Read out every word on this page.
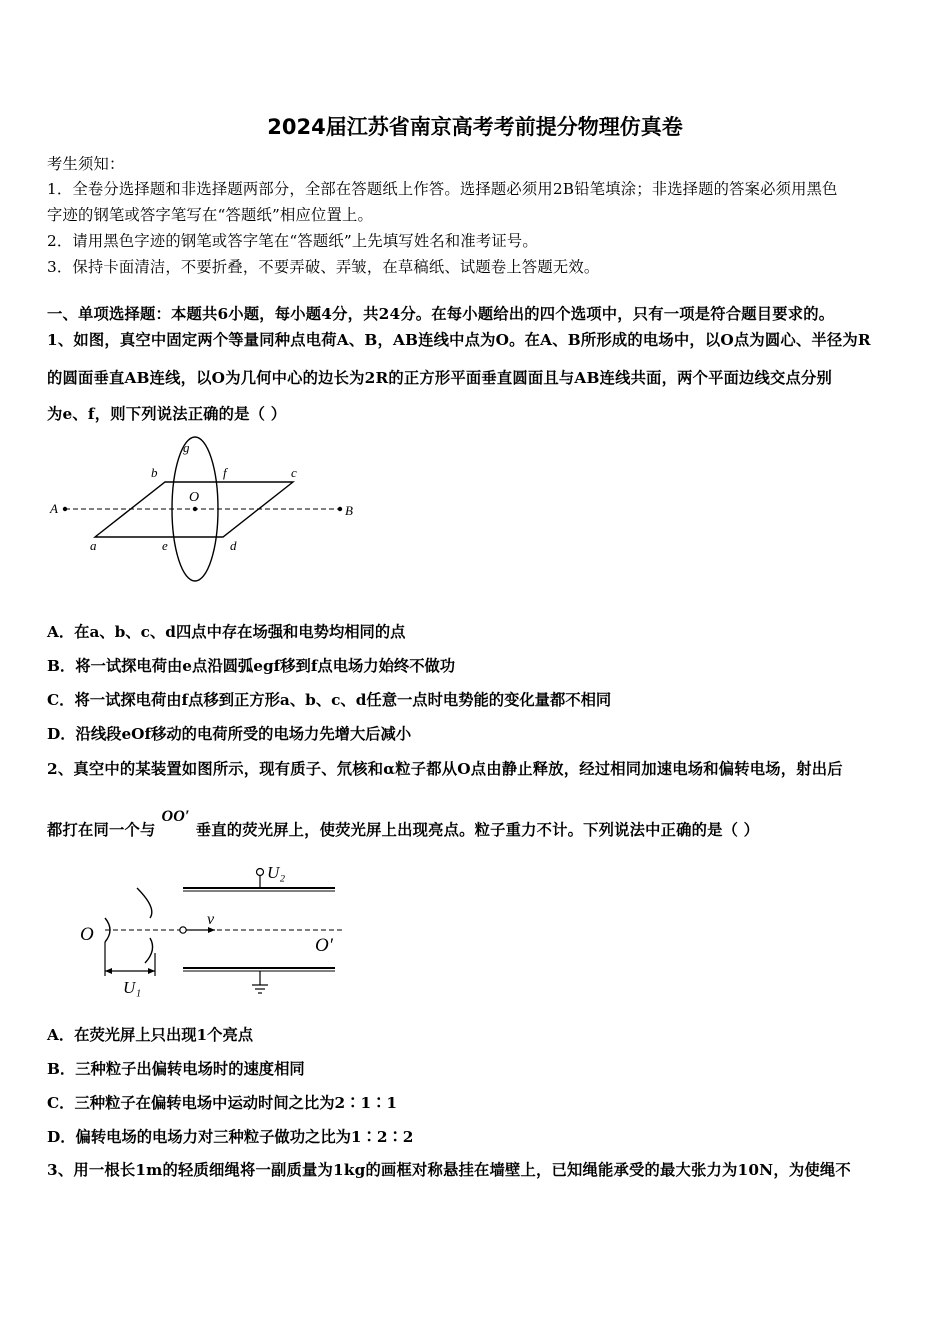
2024届江苏省南京高考考前提分物理仿真卷
考生须知：
1．全卷分选择题和非选择题两部分，全部在答题纸上作答。选择题必须用2B铅笔填涂；非选择题的答案必须用黑色
字迹的钢笔或答字笔写在“答题纸”相应位置上。
2．请用黑色字迹的钢笔或答字笔在“答题纸”上先填写姓名和准考证号。
3．保持卡面清洁，不要折叠，不要弄破、弄皱，在草稿纸、试题卷上答题无效。
一、单项选择题：本题共6小题，每小题4分，共24分。在每小题给出的四个选项中，只有一项是符合题目要求的。
1、如图，真空中固定两个等量同种点电荷A、B，AB连线中点为O。在A、B所形成的电场中，以O点为圆心、半径为R
的圆面垂直AB连线，以O为几何中心的边长为2R的正方形平面垂直圆面且与AB连线共面，两个平面边线交点分别
为e、f，则下列说法正确的是（ ）
A	B
O
a
b	c
d
e
f
g
A．在a、b、c、d四点中存在场强和电势均相同的点
B．将一试探电荷由e点沿圆弧egf移到f点电场力始终不做功
C．将一试探电荷由f点移到正方形a、b、c、d任意一点时电势能的变化量都不相同
D．沿线段eOf移动的电荷所受的电场力先增大后减小
2、真空中的某装置如图所示，现有质子、氘核和α粒子都从O点由静止释放，经过相同加速电场和偏转电场，射出后
都打在同一个与OO′垂直的荧光屏上，使荧光屏上出现亮点。粒子重力不计。下列说法中正确的是（ ）
U₂
v
U₁
O
O′
A．在荧光屏上只出现1个亮点
B．三种粒子出偏转电场时的速度相同
C．三种粒子在偏转电场中运动时间之比为2∶1∶1
D．偏转电场的电场力对三种粒子做功之比为1∶2∶2
3、用一根长1m的轻质细绳将一副质量为1kg的画框对称悬挂在墙壁上，已知绳能承受的最大张力为10N，为使绳不
